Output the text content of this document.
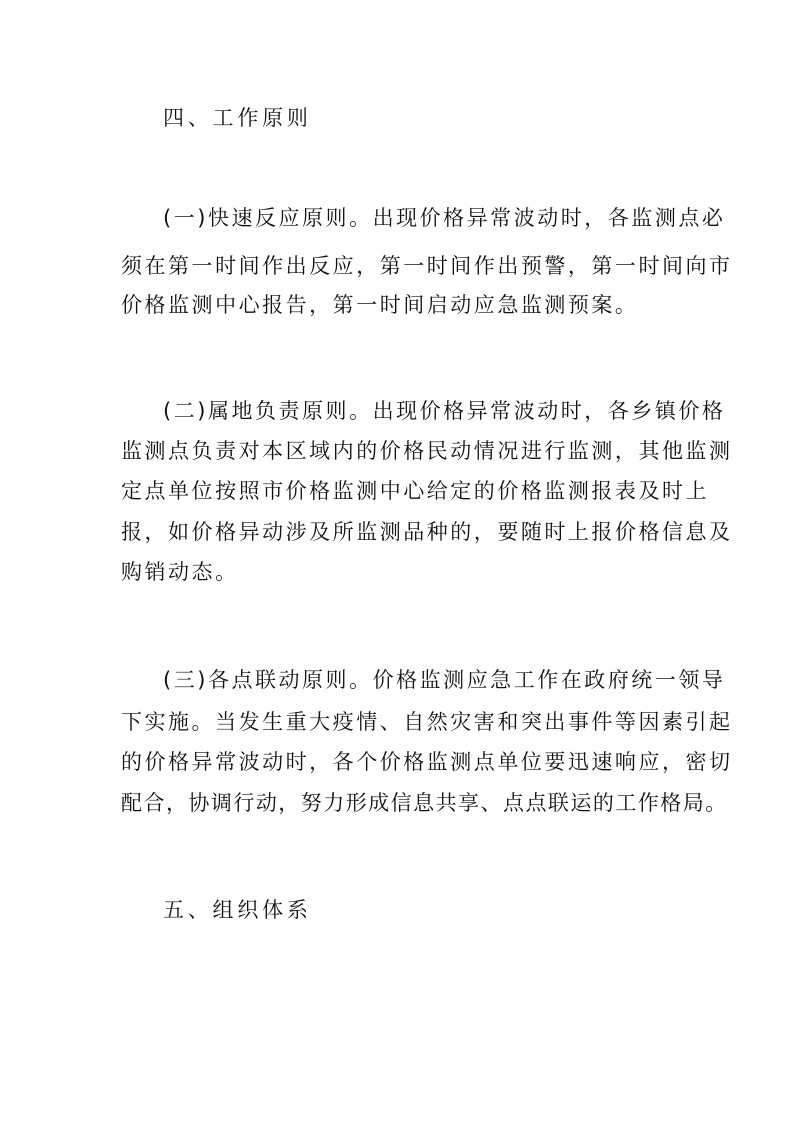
四、工作原则
(一)快速反应原则。出现价格异常波动时，各监测点必
须在第一时间作出反应，第一时间作出预警，第一时间向市
价格监测中心报告，第一时间启动应急监测预案。
(二)属地负责原则。出现价格异常波动时，各乡镇价格
监测点负责对本区域内的价格民动情况进行监测，其他监测
定点单位按照市价格监测中心给定的价格监测报表及时上
报，如价格异动涉及所监测品种的，要随时上报价格信息及
购销动态。
(三)各点联动原则。价格监测应急工作在政府统一领导
下实施。当发生重大疫情、自然灾害和突出事件等因素引起
的价格异常波动时，各个价格监测点单位要迅速响应，密切
配合，协调行动，努力形成信息共享、点点联运的工作格局。
五、组织体系
